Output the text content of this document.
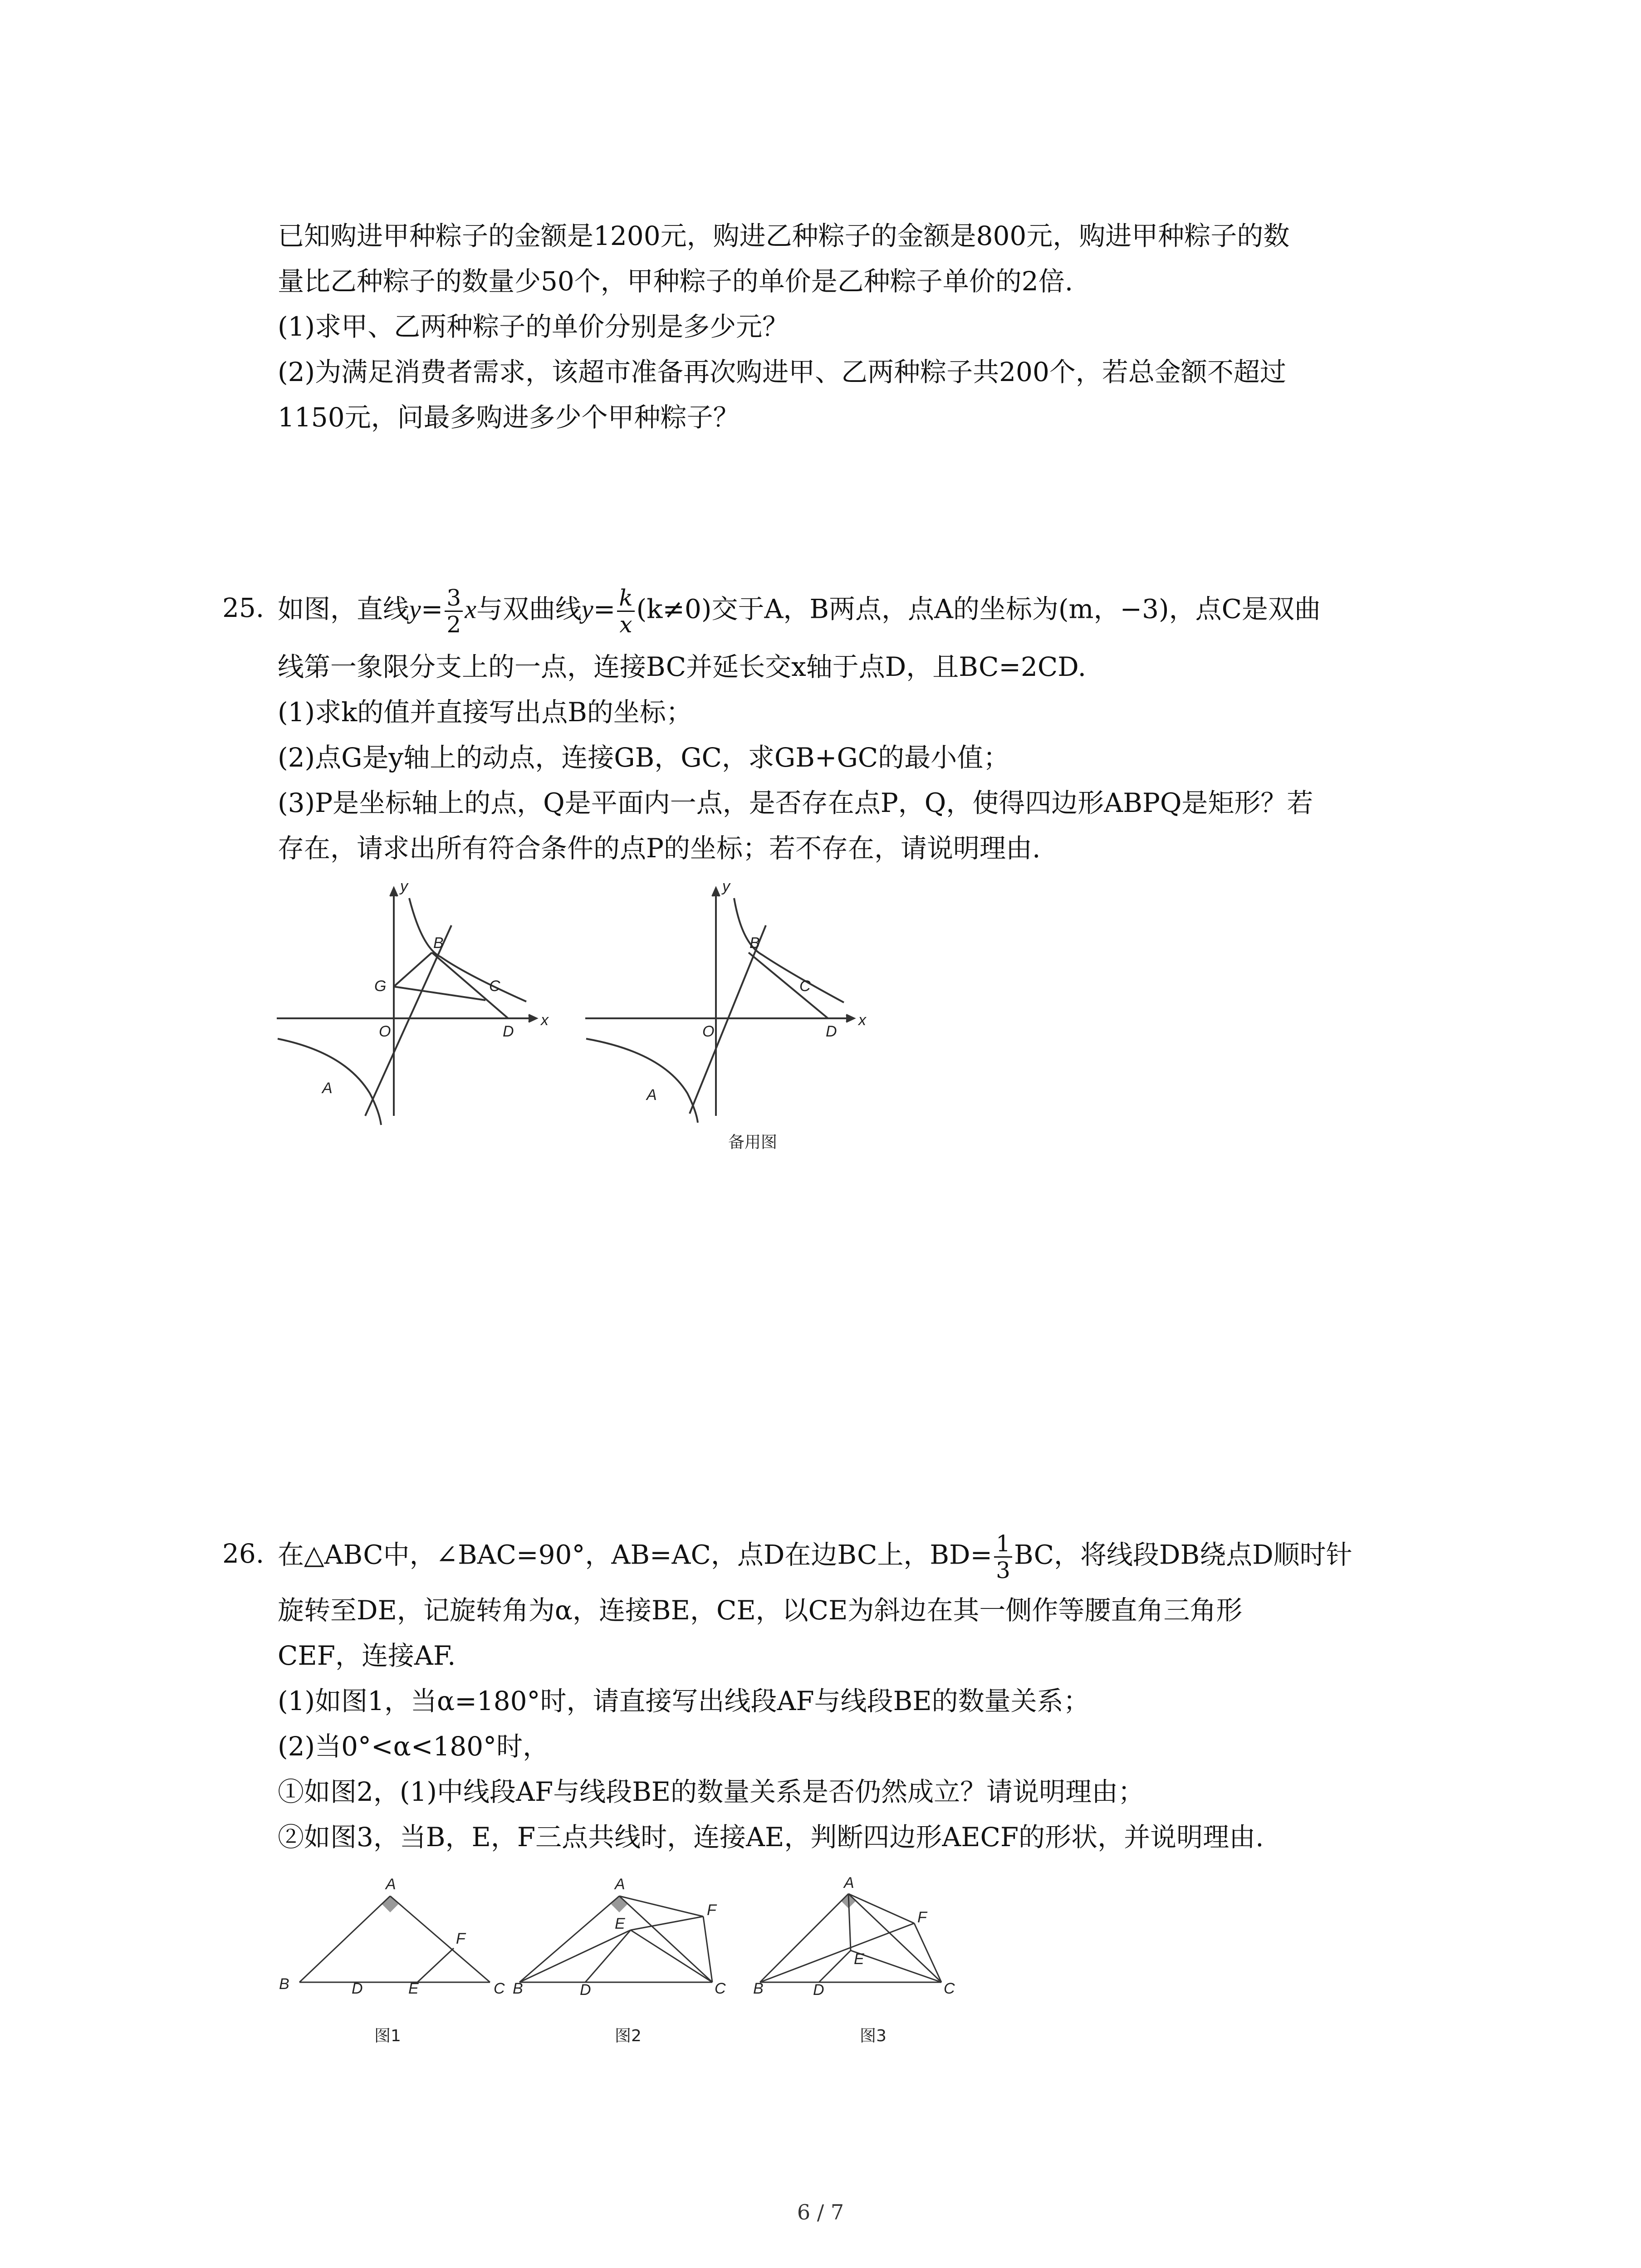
已知购进甲种粽子的金额是1200元，购进乙种粽子的金额是800元，购进甲种粽子的数
量比乙种粽子的数量少50个，甲种粽子的单价是乙种粽子单价的2倍.
(1)求甲、乙两种粽子的单价分别是多少元？
(2)为满足消费者需求，该超市准备再次购进甲、乙两种粽子共200个，若总金额不超过
1150元，问最多购进多少个甲种粽子？
25. 如图，直线$y= \frac{3}{2}$ x与双曲线$y= \frac{k}{x} (k\ne 0)$交于A，B两点，点A的坐标为(m，−3)，点C是双曲
线第一象限分支上的一点，连接BC并延长交x轴于点D，且BC=2CD.
(1)求k的值并直接写出点B的坐标；
(2)点G是y轴上的动点，连接GB，GC，求GB+GC的最小值；
(3)P是坐标轴上的点，Q是平面内一点，是否存在点P，Q，使得四边形ABPQ是矩形？若
存在，请求出所有符合条件的点P的坐标；若不存在，请说明理由.
y
x
O
A
B
C
D
G
y
x
O
A
B
C
D
备用图
26. 在△ABC中，∠BAC=90°，AB=AC，点D在边BC上，$BD= \frac{1}{3}$ BC，将线段DB绕点D顺时针
旋转至DE，记旋转角为α，连接BE，CE，以CE为斜边在其一侧作等腰直角三角形
CEF，连接AF.
(1)如图1，当α=180°时，请直接写出线段AF与线段BE的数量关系；
(2)当0°<α<180°时，
①如图2，(1)中线段AF与线段BE的数量关系是否仍然成立？请说明理由；
②如图3，当B，E，F三点共线时，连接AE，判断四边形AECF的形状，并说明理由.
A
B	C
D	E
F
图1
A
B	C
D
E
F
图2
A
B	C
D
E
F
图3
6 / 7
